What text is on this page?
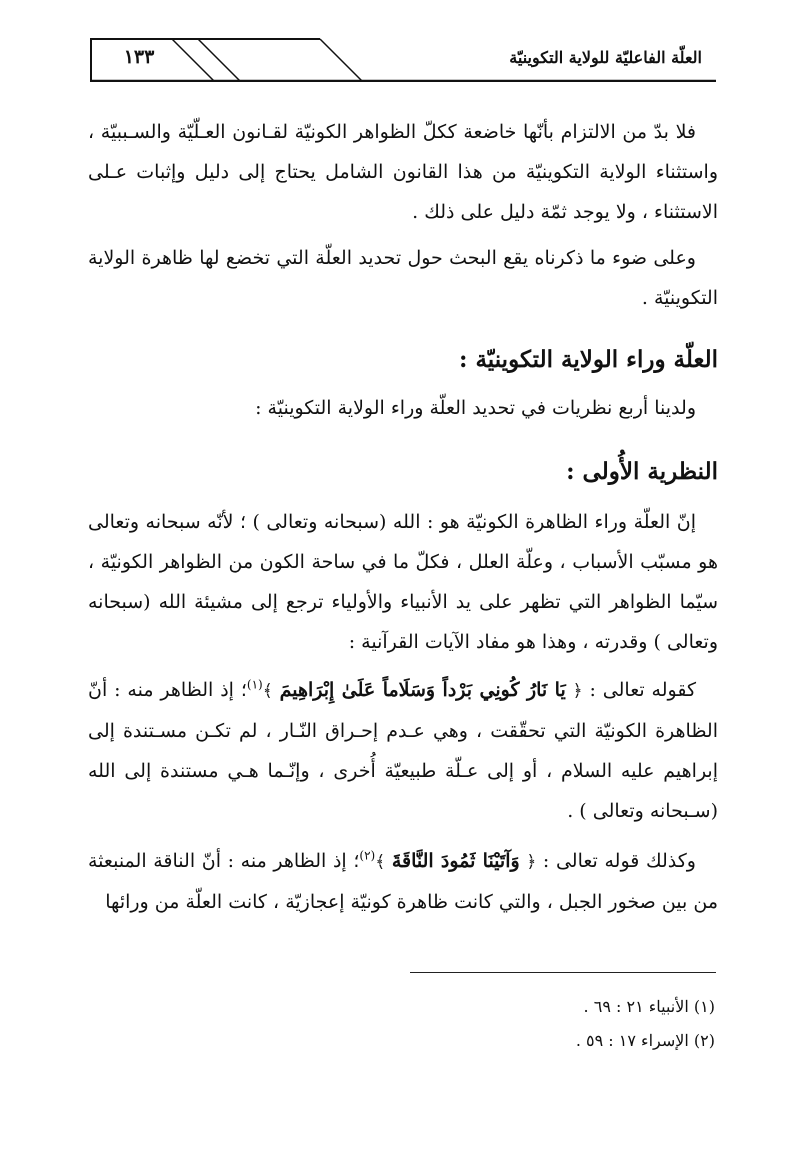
١٣٣	العلّة الفاعليّة للولاية التكوينيّة

فلا بدّ من الالتزام بأنّها خاضعة ككلّ الظواهر الكونيّة لقـانون العـلّيّة والسـببيّة ، واستثناء الولاية التكوينيّة من هذا القانون الشامل يحتاج إلى دليل وإثبات عـلى الاستثناء ، ولا يوجد ثمّة دليل على ذلك .

وعلى ضوء ما ذكرناه يقع البحث حول تحديد العلّة التي تخضع لها ظاهرة الولاية التكوينيّة .

العلّة وراء الولاية التكوينيّة :

ولدينا أربع نظريات في تحديد العلّة وراء الولاية التكوينيّة :

النظرية الأُولى :

إنّ العلّة وراء الظاهرة الكونيّة هو : الله (سبحانه وتعالى ) ؛ لأنّه سبحانه وتعالى هو مسبّب الأسباب ، وعلّة العلل ، فكلّ ما في ساحة الكون من الظواهر الكونيّة ، سيّما الظواهر التي تظهر على يد الأنبياء والأولياء ترجع إلى مشيئة الله (سبحانه وتعالى ) وقدرته ، وهذا هو مفاد الآيات القرآنية :

كقوله تعالى : ﴿ يَا نَارُ كُونِي بَرْداً وَسَلَاماً عَلَىٰ إِبْرَاهِيمَ ﴾$^{(١)}$؛ إذ الظاهر منه : أنّ الظاهرة الكونيّة التي تحقّقت ، وهي عـدم إحـراق النّـار ، لم تكـن مسـتندة إلى إبراهيم عليه السلام ، أو إلى عـلّة طبيعيّة أُخرى ، وإنّـما هـي مستندة إلى الله (سـبحانه وتعالى ) .

وكذلك قوله تعالى : ﴿ وَآتَيْنَا ثَمُودَ النَّاقَةَ ﴾$^{(٢)}$؛ إذ الظاهر منه : أنّ الناقة المنبعثة من بين صخور الجبل ، والتي كانت ظاهرة كونيّة إعجازيّة ، كانت العلّة من ورائها

(١) الأنبياء ٢١ : ٦٩ .

(٢) الإسراء ١٧ : ٥٩ .
